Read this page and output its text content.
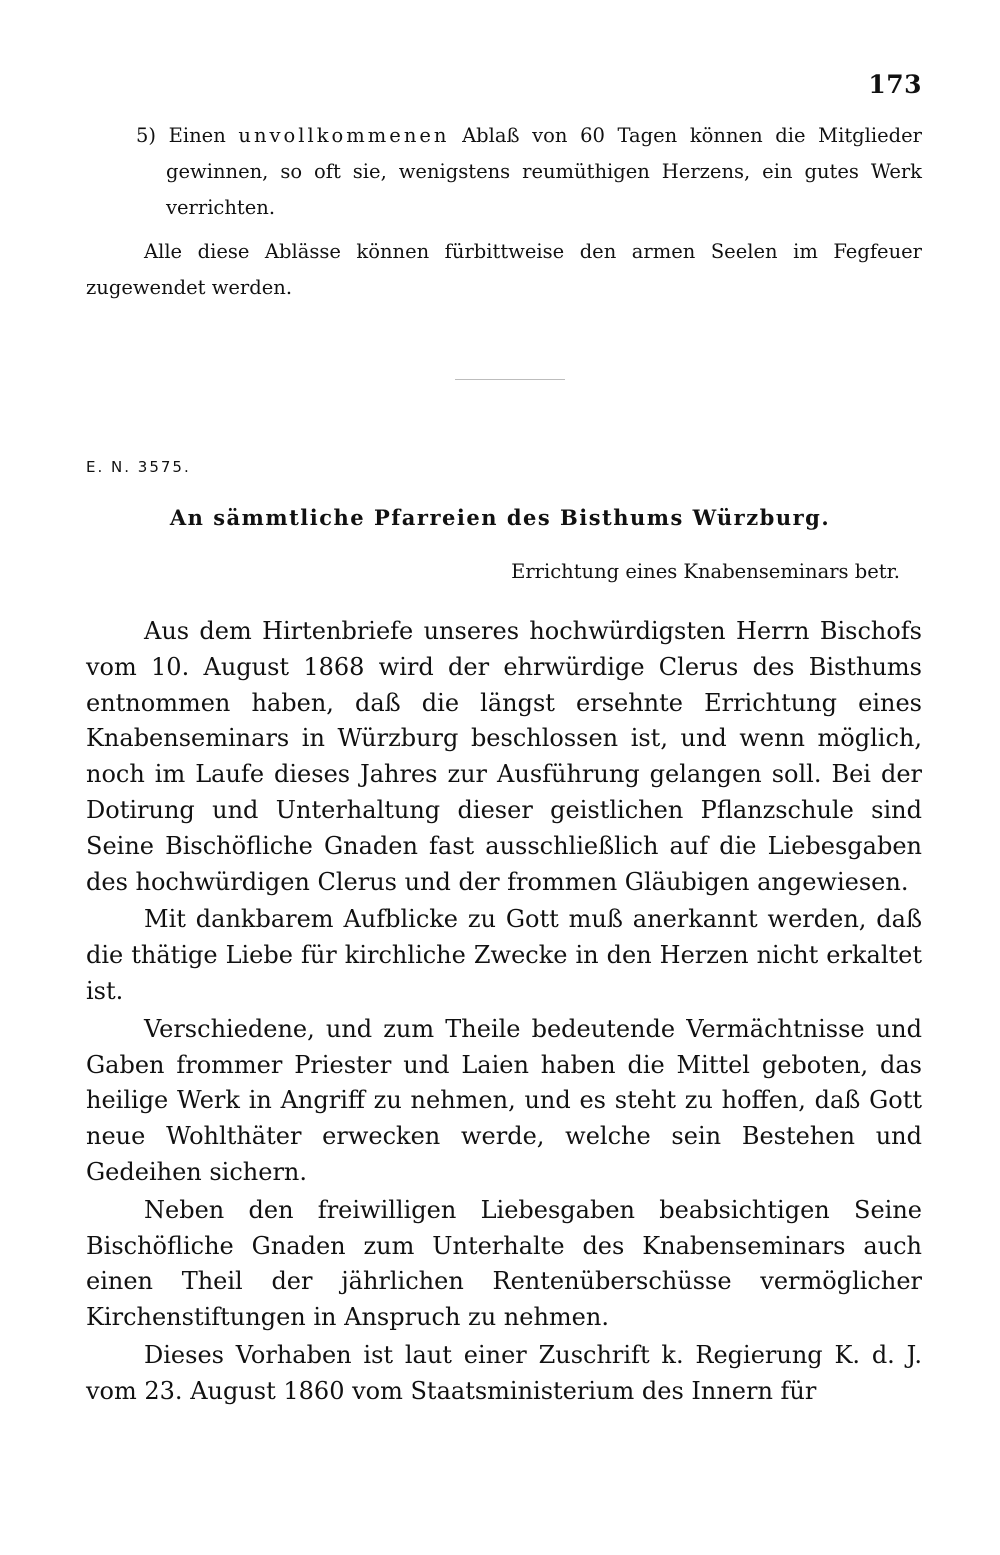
173

5) Einen unvollkommenen Ablaß von 60 Tagen können die Mitglieder gewinnen, so oft sie, wenigstens reumüthigen Herzens, ein gutes Werk verrichten.

Alle diese Ablässe können fürbittweise den armen Seelen im Fegfeuer zugewendet werden.

E. N. 3575.
An sämmtliche Pfarreien des Bisthums Würzburg.
Errichtung eines Knabenseminars betr.

Aus dem Hirtenbriefe unseres hochwürdigsten Herrn Bischofs vom 10. August 1868 wird der ehrwürdige Clerus des Bisthums entnommen haben, daß die längst ersehnte Errichtung eines Knabenseminars in Würzburg beschlossen ist, und wenn möglich, noch im Laufe dieses Jahres zur Ausführung gelangen soll. Bei der Dotirung und Unterhaltung dieser geistlichen Pflanzschule sind Seine Bischöfliche Gnaden fast ausschließlich auf die Liebesgaben des hochwürdigen Clerus und der frommen Gläubigen angewiesen.

Mit dankbarem Aufblicke zu Gott muß anerkannt werden, daß die thätige Liebe für kirchliche Zwecke in den Herzen nicht erkaltet ist.

Verschiedene, und zum Theile bedeutende Vermächtnisse und Gaben frommer Priester und Laien haben die Mittel geboten, das heilige Werk in Angriff zu nehmen, und es steht zu hoffen, daß Gott neue Wohlthäter erwecken werde, welche sein Bestehen und Gedeihen sichern.

Neben den freiwilligen Liebesgaben beabsichtigen Seine Bischöfliche Gnaden zum Unterhalte des Knabenseminars auch einen Theil der jährlichen Rentenüberschüsse vermöglicher Kirchenstiftungen in Anspruch zu nehmen.

Dieses Vorhaben ist laut einer Zuschrift k. Regierung K. d. J. vom 23. August 1860 vom Staatsministerium des Innern für
